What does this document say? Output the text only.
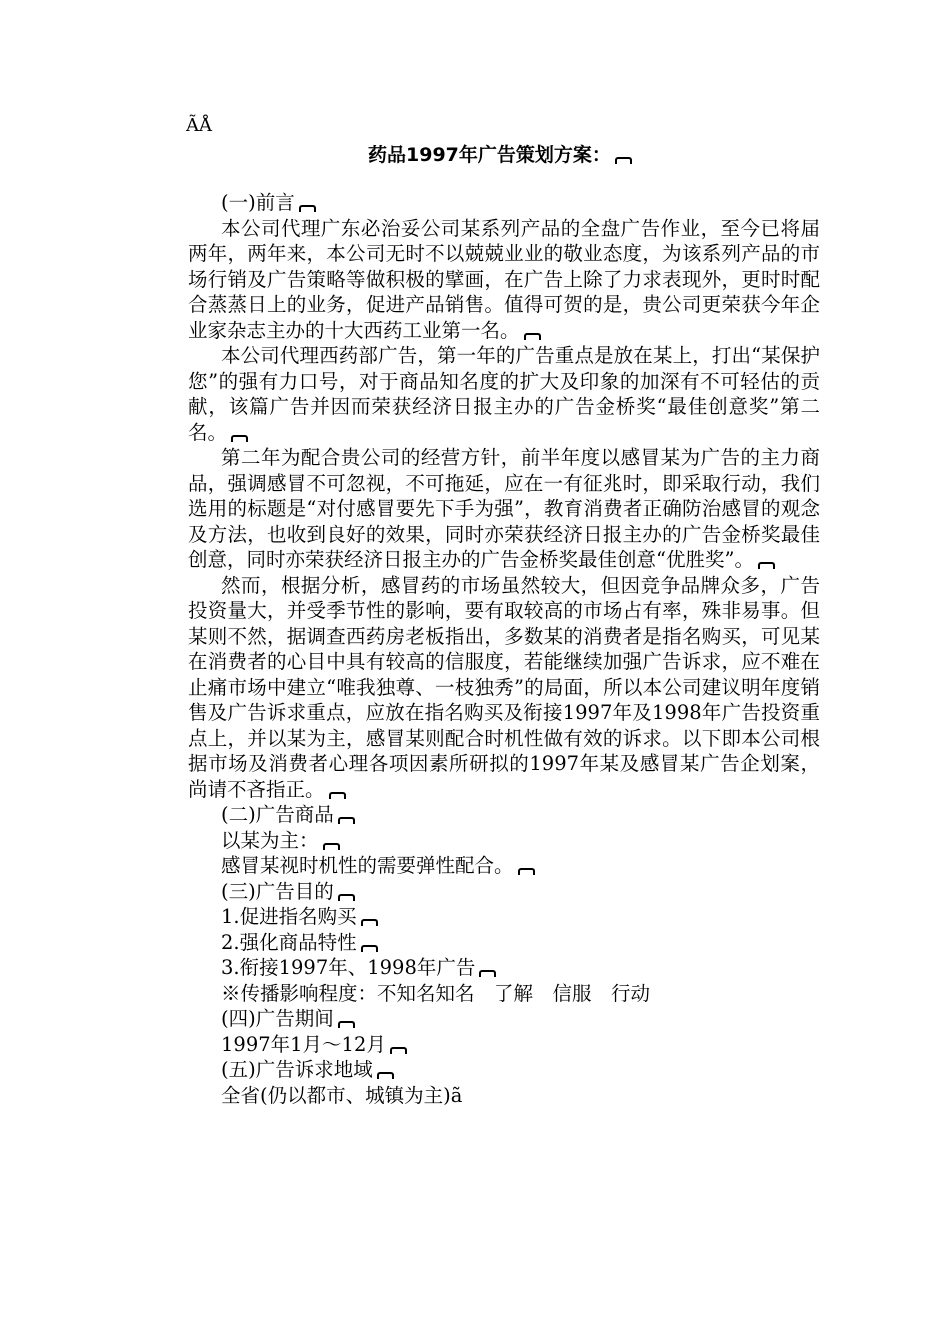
ÃÅ
药品1997年广告策划方案：

(一)前言

本公司代理广东必治妥公司某系列产品的全盘广告作业，至今已将届两年，两年来，本公司无时不以兢兢业业的敬业态度，为该系列产品的市场行销及广告策略等做积极的擘画，在广告上除了力求表现外，更时时配合蒸蒸日上的业务，促进产品销售。值得可贺的是，贵公司更荣获今年企业家杂志主办的十大西药工业第一名。

本公司代理西药部广告，第一年的广告重点是放在某上，打出“某保护您”的强有力口号，对于商品知名度的扩大及印象的加深有不可轻估的贡献，该篇广告并因而荣获经济日报主办的广告金桥奖“最佳创意奖”第二名。

第二年为配合贵公司的经营方针，前半年度以感冒某为广告的主力商品，强调感冒不可忽视，不可拖延，应在一有征兆时，即采取行动，我们选用的标题是“对付感冒要先下手为强”，教育消费者正确防治感冒的观念及方法，也收到良好的效果，同时亦荣获经济日报主办的广告金桥奖最佳创意，同时亦荣获经济日报主办的广告金桥奖最佳创意“优胜奖”。

然而，根据分析，感冒药的市场虽然较大，但因竞争品牌众多，广告投资量大，并受季节性的影响，要有取较高的市场占有率，殊非易事。但某则不然，据调查西药房老板指出，多数某的消费者是指名购买，可见某在消费者的心目中具有较高的信服度，若能继续加强广告诉求，应不难在止痛市场中建立“唯我独尊、一枝独秀”的局面，所以本公司建议明年度销售及广告诉求重点，应放在指名购买及衔接1997年及1998年广告投资重点上，并以某为主，感冒某则配合时机性做有效的诉求。以下即本公司根据市场及消费者心理各项因素所研拟的1997年某及感冒某广告企划案，尚请不吝指正。

(二)广告商品

以某为主：

感冒某视时机性的需要弹性配合。

(三)广告目的

1.促进指名购买

2.强化商品特性

3.衔接1997年、1998年广告

※传播影响程度：不知名知名　了解　信服　行动

(四)广告期间

1997年1月～12月

(五)广告诉求地域

全省(仍以都市、城镇为主)ã
